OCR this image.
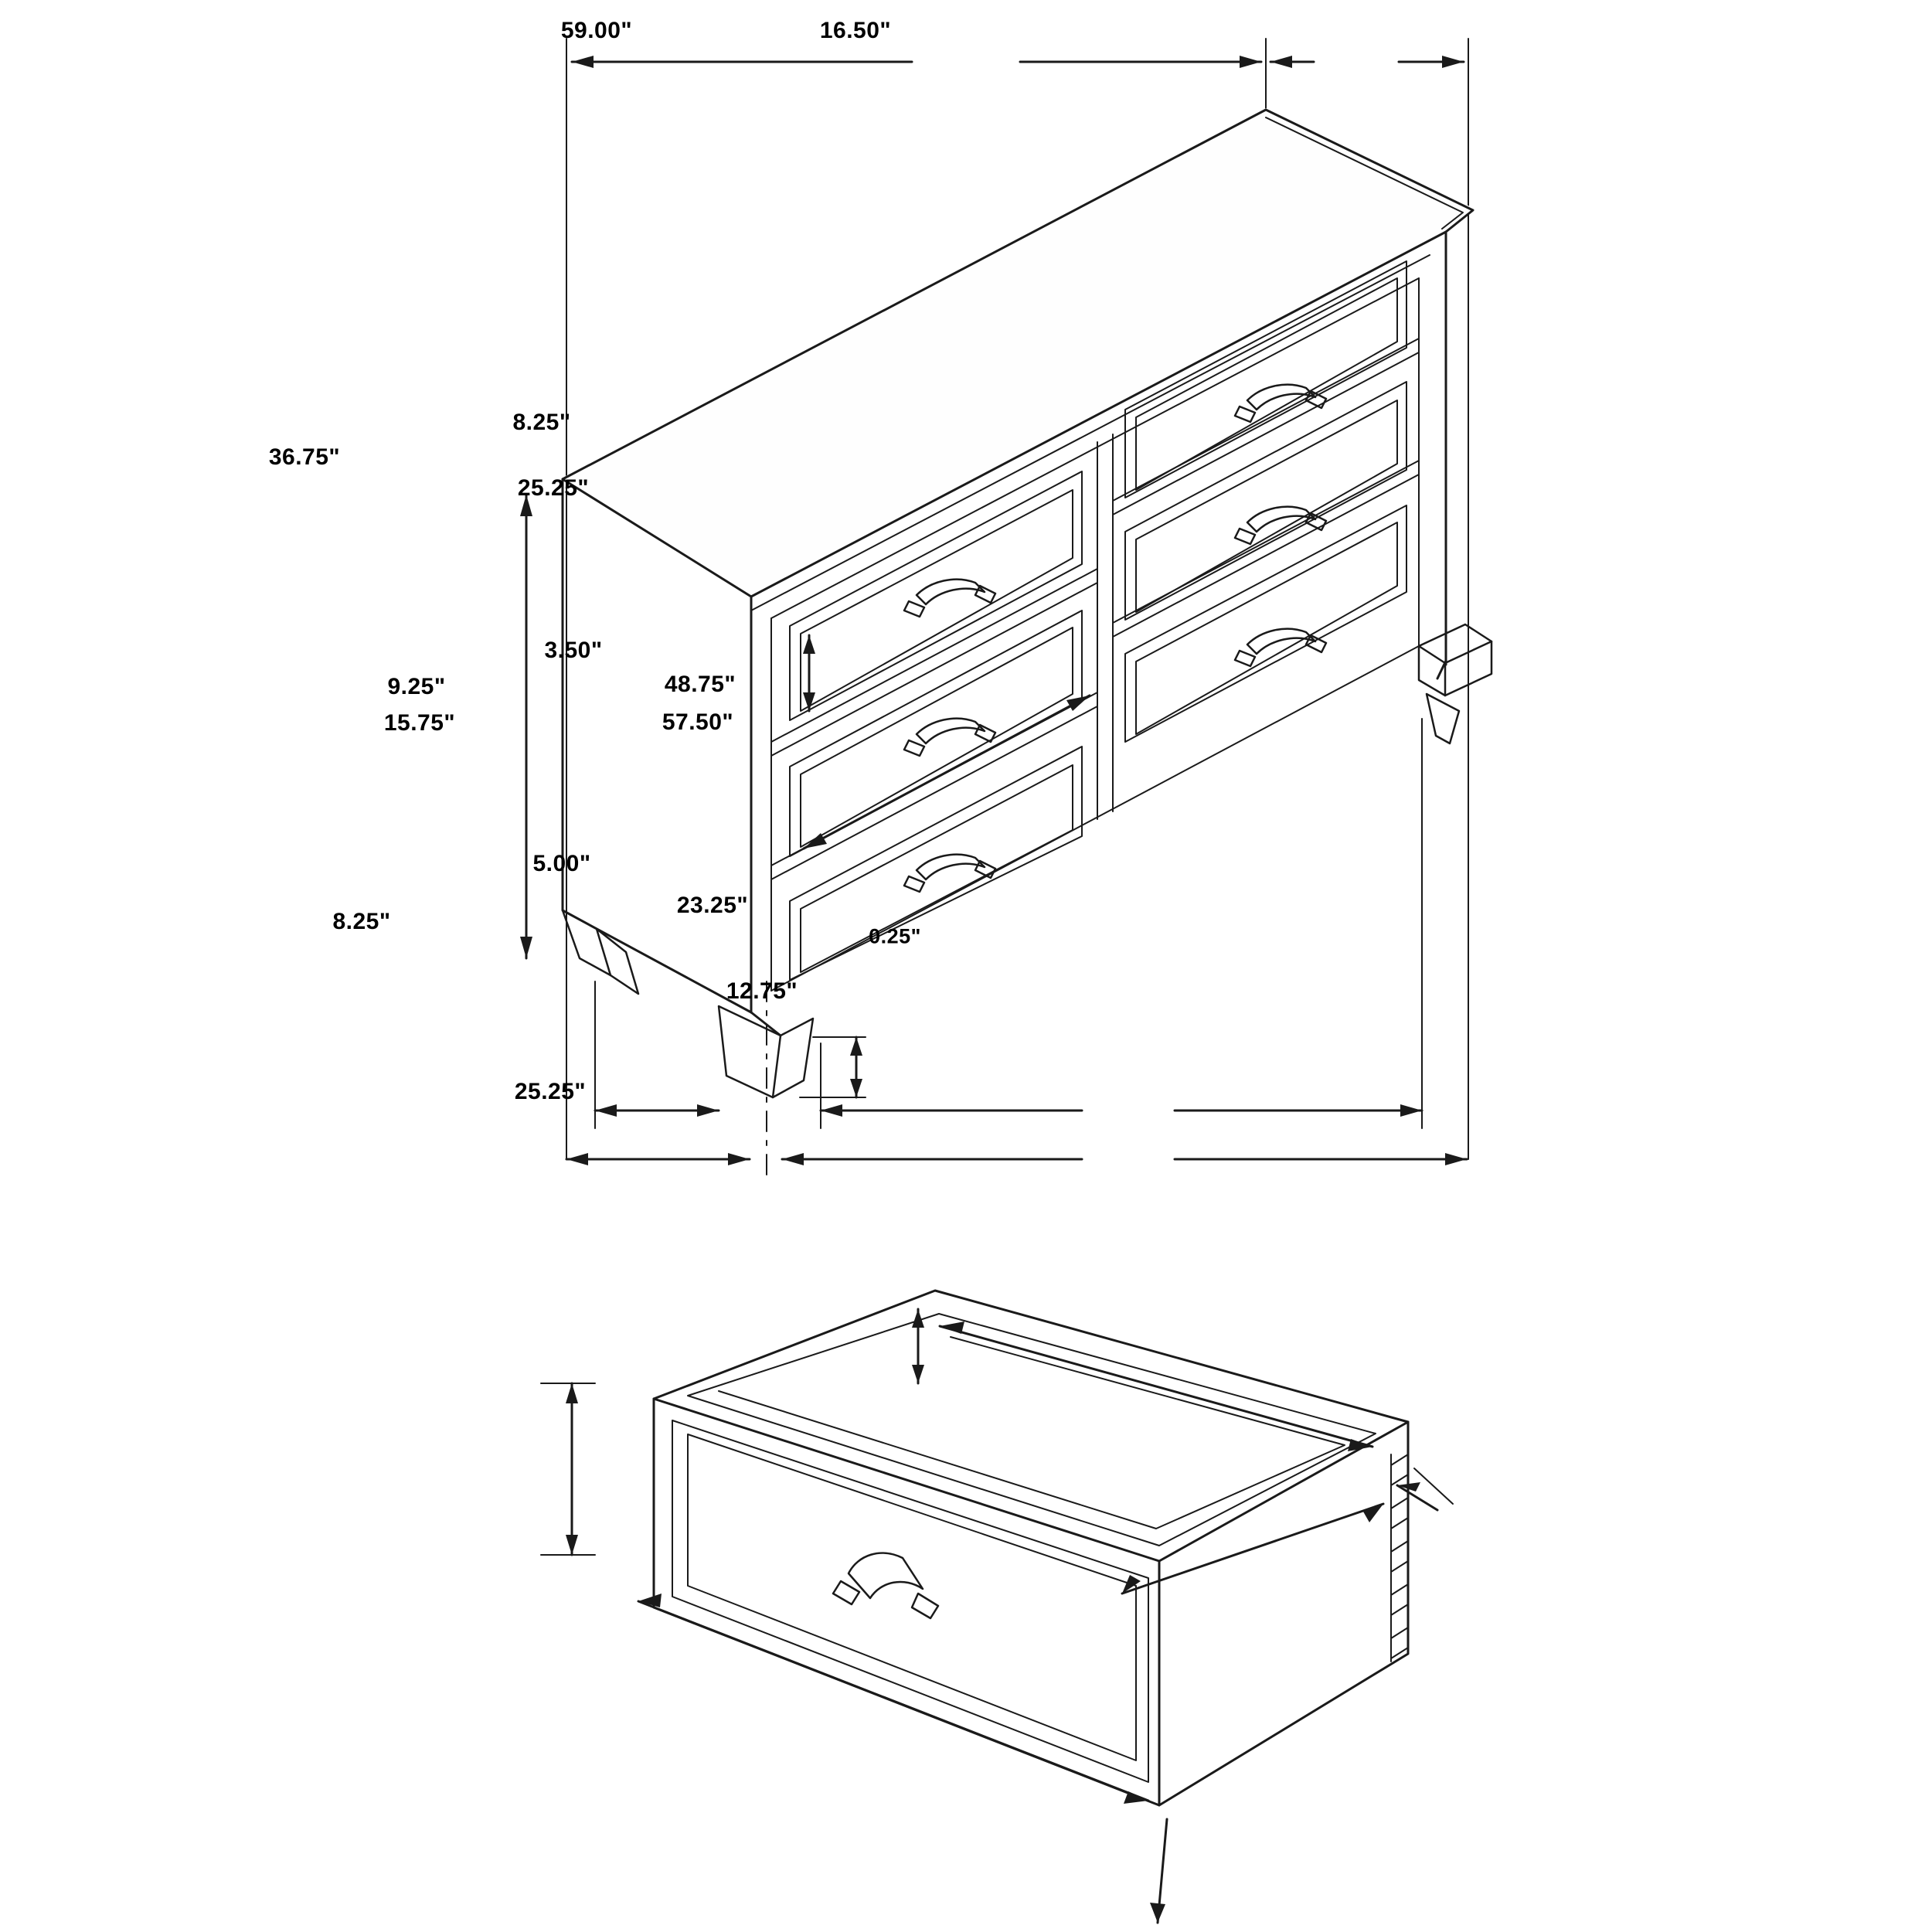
59.00"	16.50"
36.75"
8.25"
25.25"
3.50"
9.25"
15.75"
48.75"
57.50"
5.00"
8.25"
23.25"
0.25"
12.75"
25.25"
